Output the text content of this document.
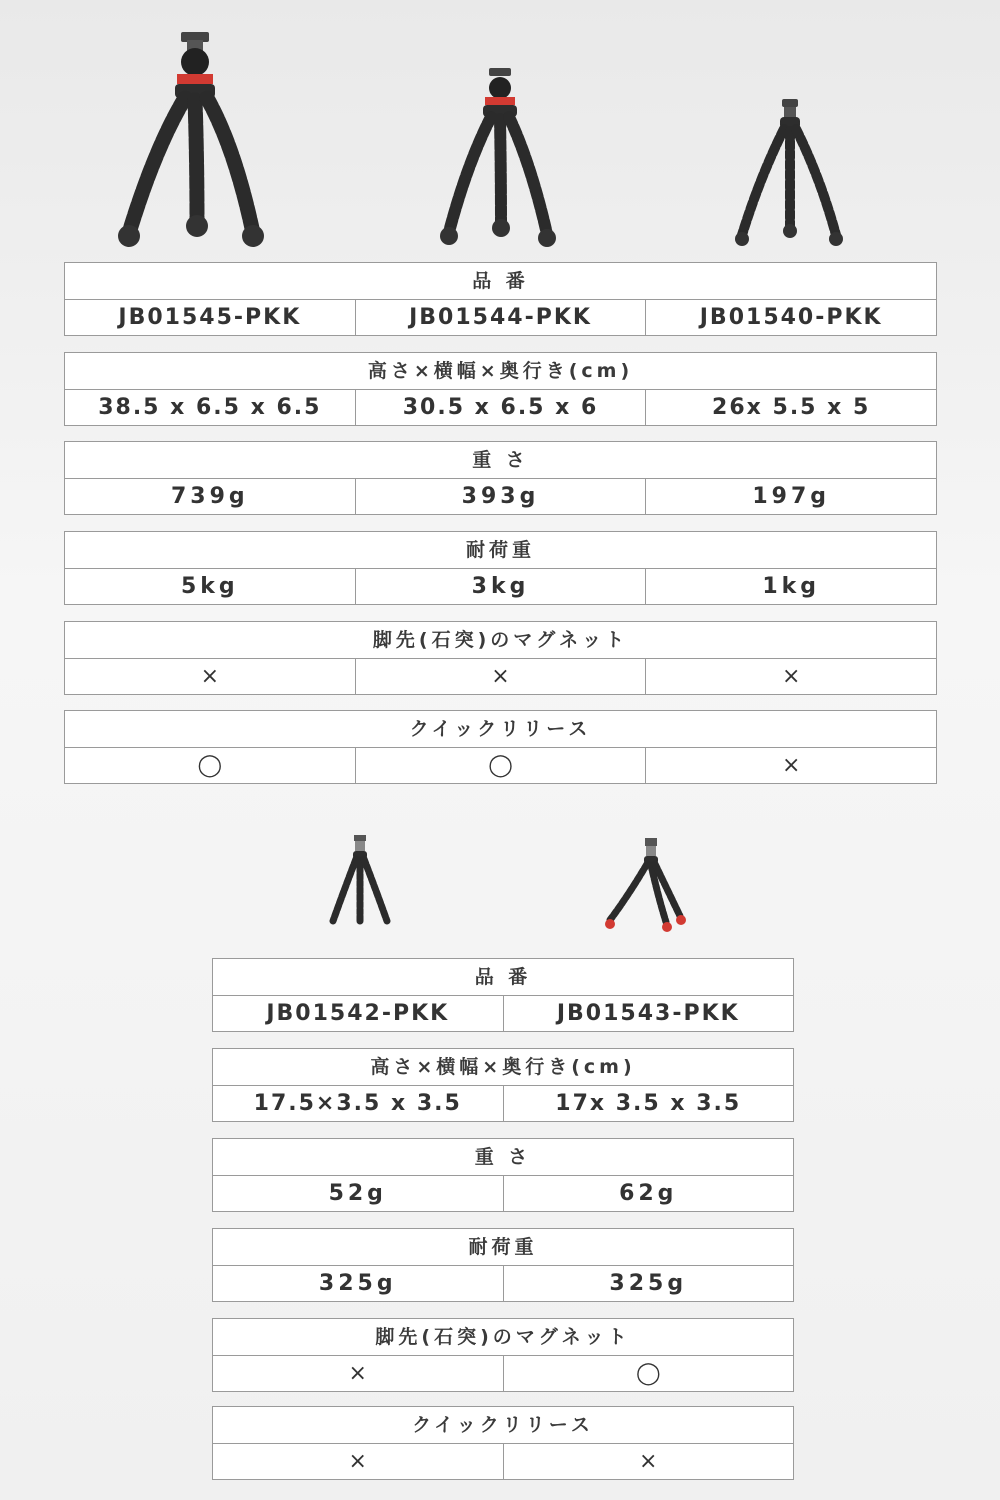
品 番
JB01545-PKK	JB01544-PKK	JB01540-PKK
高さ×横幅×奥行き(cm)
38.5 x 6.5 x 6.5	30.5 x 6.5 x 6	26x 5.5 x 5
重 さ
739g	393g	197g
耐荷重
5kg	3kg	1kg
脚先(石突)のマグネット
×	×	×
クイックリリース
◯	◯	×
品 番
JB01542-PKK	JB01543-PKK
高さ×横幅×奥行き(cm)
17.5×3.5 x 3.5	17x 3.5 x 3.5
重 さ
52g	62g
耐荷重
325g	325g
脚先(石突)のマグネット
×	◯
クイックリリース
×	×
